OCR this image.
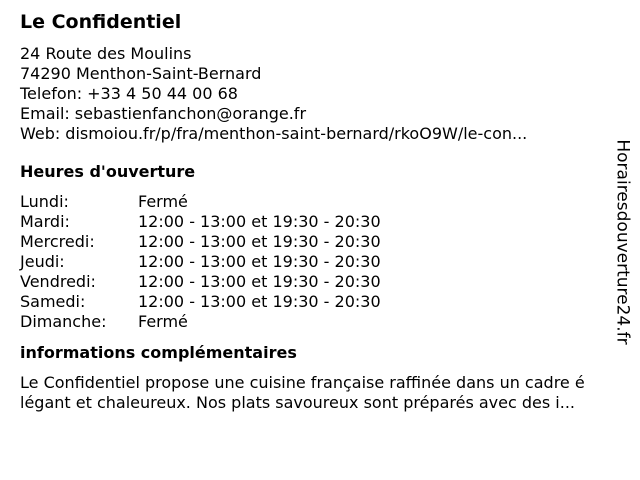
Le Confidentiel
24 Route des Moulins
74290 Menthon-Saint-Bernard
Telefon: +33 4 50 44 00 68
Email: sebastienfanchon@orange.fr
Web: dismoiou.fr/p/fra/menthon-saint-bernard/rkoO9W/le-con...
Heures d'ouverture
Lundi:	Fermé
Mardi:	12:00 - 13:00 et 19:30 - 20:30
Mercredi:	12:00 - 13:00 et 19:30 - 20:30
Jeudi:	12:00 - 13:00 et 19:30 - 20:30
Vendredi:	12:00 - 13:00 et 19:30 - 20:30
Samedi:	12:00 - 13:00 et 19:30 - 20:30
Dimanche:	Fermé
informations complémentaires
Le Confidentiel propose une cuisine française raffinée dans un cadre é
légant et chaleureux. Nos plats savoureux sont préparés avec des i...
Horairesdouverture24.fr
